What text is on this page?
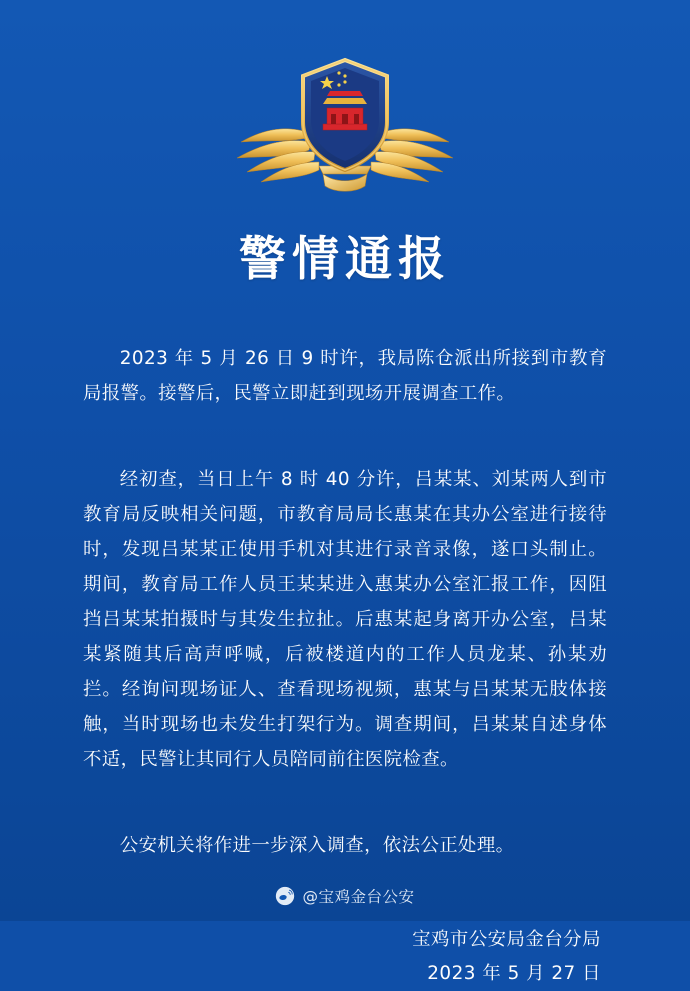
警情通报

2023 年 5 月 26 日 9 时许，我局陈仓派出所接到市教育局报警。接警后，民警立即赶到现场开展调查工作。

经初查，当日上午 8 时 40 分许，吕某某、刘某两人到市教育局反映相关问题，市教育局局长惠某在其办公室进行接待时，发现吕某某正使用手机对其进行录音录像，遂口头制止。期间，教育局工作人员王某某进入惠某办公室汇报工作，因阻挡吕某某拍摄时与其发生拉扯。后惠某起身离开办公室，吕某某紧随其后高声呼喊，后被楼道内的工作人员龙某、孙某劝拦。经询问现场证人、查看现场视频，惠某与吕某某无肢体接触，当时现场也未发生打架行为。调查期间，吕某某自述身体不适，民警让其同行人员陪同前往医院检查。

公安机关将作进一步深入调查，依法公正处理。

宝鸡市公安局金台分局
2023 年 5 月 27 日
@宝鸡金台公安
